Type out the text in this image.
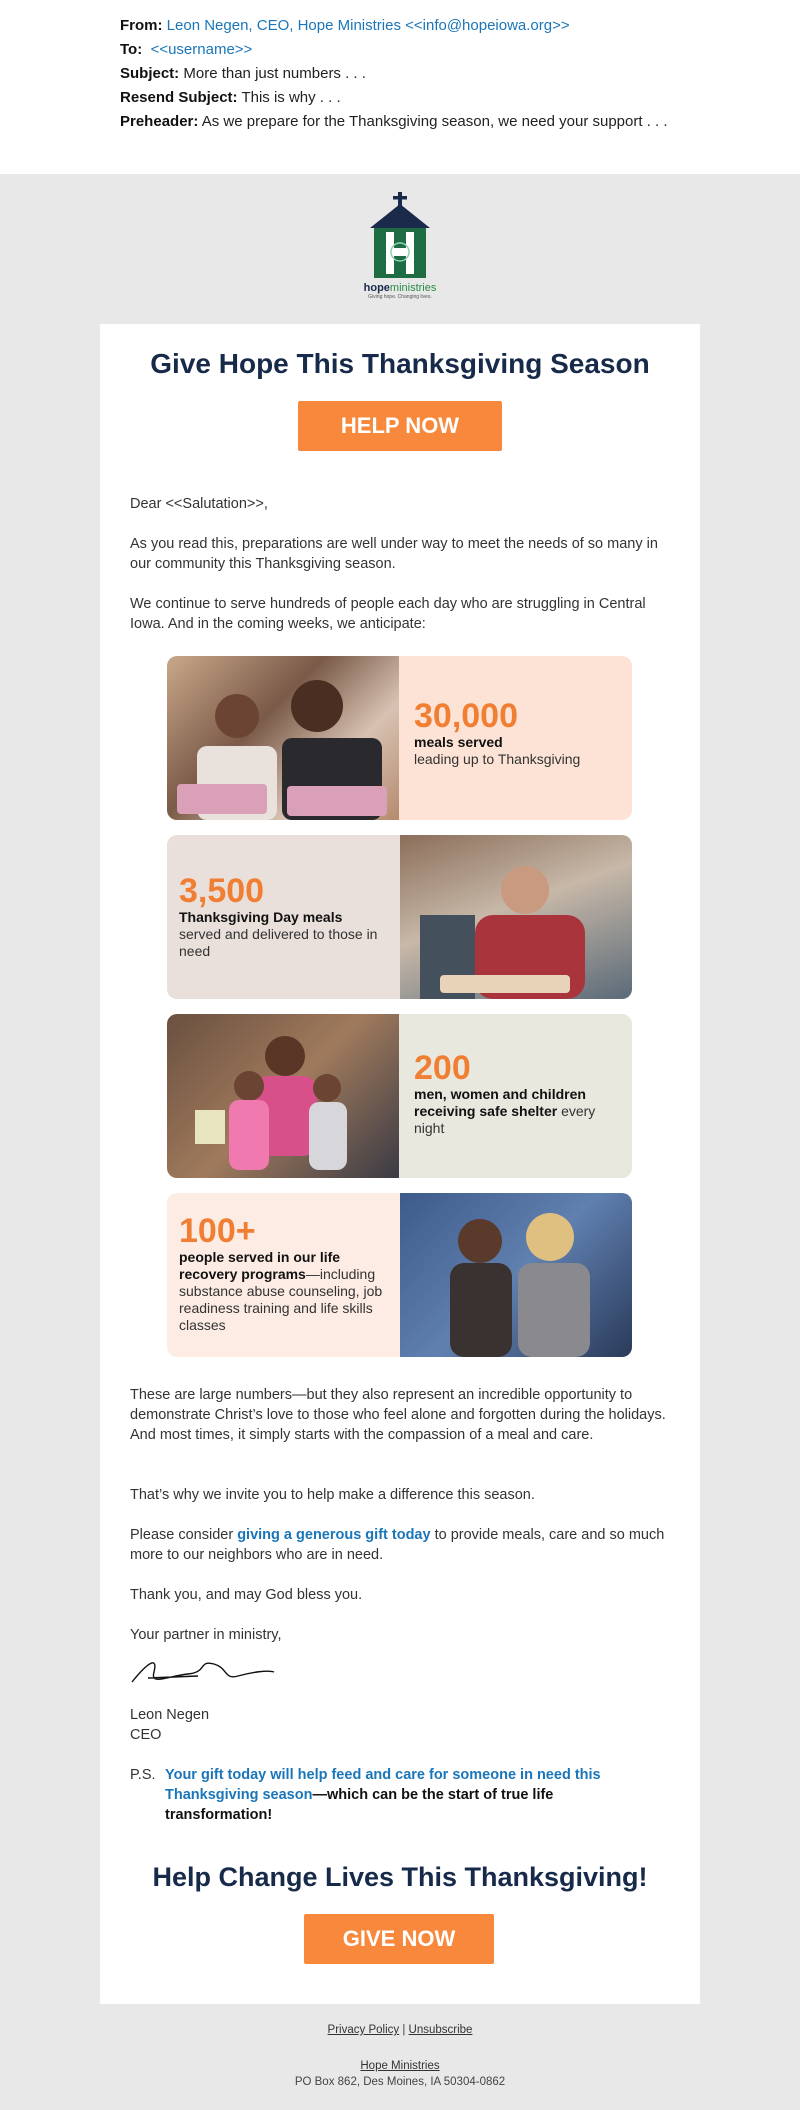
From: Leon Negen, CEO, Hope Ministries <<info@hopeiowa.org>>
To: <<username>>
Subject: More than just numbers . . .
Resend Subject: This is why . . .
Preheader: As we prepare for the Thanksgiving season, we need your support . . .
hopeministries
Giving hope. Changing lives.
Give Hope This Thanksgiving Season
HELP NOW
Dear <<Salutation>>,
As you read this, preparations are well under way to meet the needs of so many in our community this Thanksgiving season.
We continue to serve hundreds of people each day who are struggling in Central Iowa. And in the coming weeks, we anticipate:
30,000
meals served
leading up to Thanksgiving
3,500
Thanksgiving Day meals
served and delivered to those in need
200
men, women and children receiving safe shelter every night
100+
people served in our life recovery programs—including substance abuse counseling, job readiness training and life skills classes
These are large numbers—but they also represent an incredible opportunity to demonstrate Christ’s love to those who feel alone and forgotten during the holidays. And most times, it simply starts with the compassion of a meal and care.
That’s why we invite you to help make a difference this season.
Please consider giving a generous gift today to provide meals, care and so much more to our neighbors who are in need.
Thank you, and may God bless you.
Your partner in ministry,
Leon Negen
CEO
P.S. Your gift today will help feed and care for someone in need this Thanksgiving season—which can be the start of true life transformation!
Help Change Lives This Thanksgiving!
GIVE NOW
Privacy Policy | Unsubscribe
Hope Ministries
PO Box 862, Des Moines, IA 50304-0862
